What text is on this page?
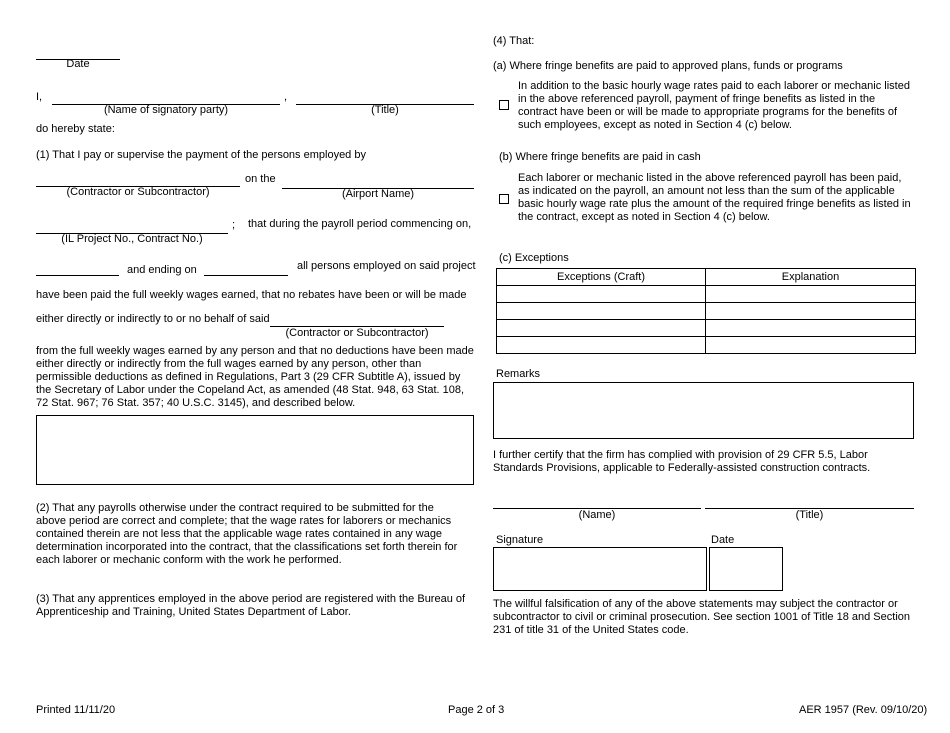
Date
I,	,
(Name of signatory party)	(Title)
do hereby state:
(1) That I pay or supervise the payment of the persons employed by
on the
(Contractor or Subcontractor)	(Airport Name)
; that during the payroll period commencing on,
(IL Project No., Contract No.)
and ending on	all persons employed on said project
have been paid the full weekly wages earned, that no rebates have been or will be made
either directly or indirectly to or no behalf of said
(Contractor or Subcontractor)
from the full weekly wages earned by any person and that no deductions have been made either directly or indirectly from the full wages earned by any person, other than permissible deductions as defined in Regulations, Part 3 (29 CFR Subtitle A), issued by the Secretary of Labor under the Copeland Act, as amended (48 Stat. 948, 63 Stat. 108, 72 Stat. 967; 76 Stat. 357; 40 U.S.C. 3145), and described below.
(2) That any payrolls otherwise under the contract required to be submitted for the above period are correct and complete; that the wage rates for laborers or mechanics contained therein are not less that the applicable wage rates contained in any wage determination incorporated into the contract, that the classifications set forth therein for each laborer or mechanic conform with the work he performed.
(3) That any apprentices employed in the above period are registered with the Bureau of Apprenticeship and Training, United States Department of Labor.
(4) That:
(a) Where fringe benefits are paid to approved plans, funds or programs
In addition to the basic hourly wage rates paid to each laborer or mechanic listed in the above referenced payroll, payment of fringe benefits as listed in the contract have been or will be made to appropriate programs for the benefits of such employees, except as noted in Section 4 (c) below.
(b) Where fringe benefits are paid in cash
Each laborer or mechanic listed in the above referenced payroll has been paid, as indicated on the payroll, an amount not less than the sum of the applicable basic hourly wage rate plus the amount of the required fringe benefits as listed in the contract, except as noted in Section 4 (c) below.
(c) Exceptions
Exceptions (Craft)	Explanation

Remarks
I further certify that the firm has complied with provision of 29 CFR 5.5, Labor Standards Provisions, applicable to Federally-assisted construction contracts.
(Name)	(Title)
Signature	Date
The willful falsification of any of the above statements may subject the contractor or subcontractor to civil or criminal prosecution. See section 1001 of Title 18 and Section 231 of title 31 of the United States code.
Printed 11/11/20	Page 2 of 3	AER 1957 (Rev. 09/10/20)
